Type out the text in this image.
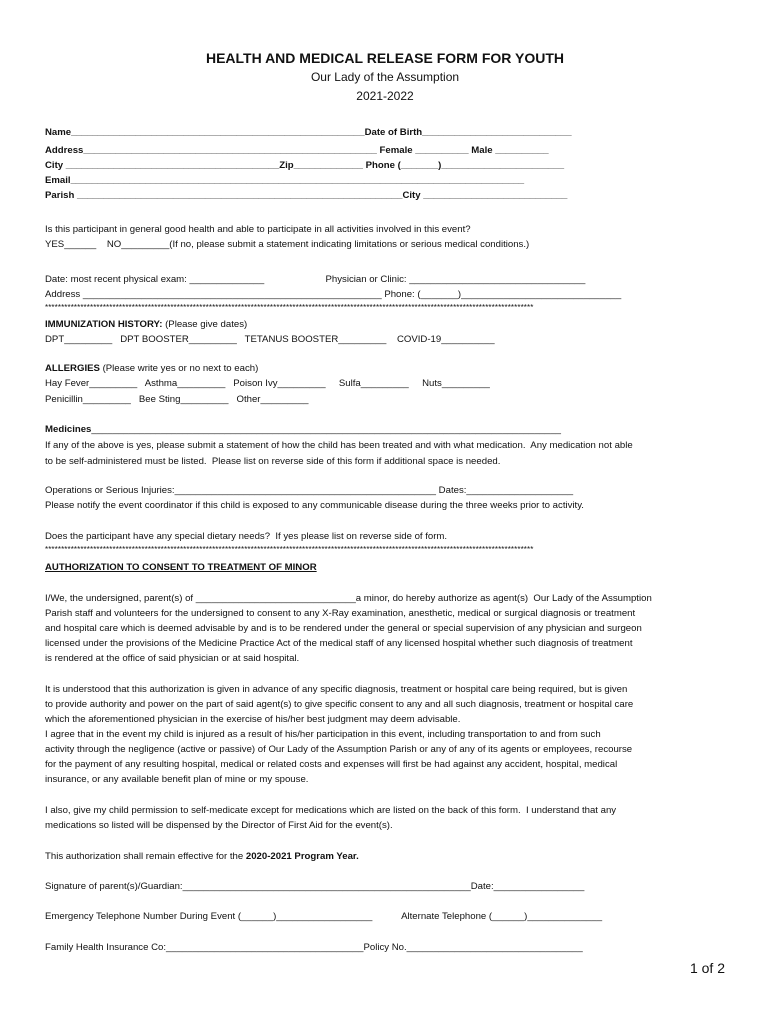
HEALTH AND MEDICAL RELEASE FORM FOR YOUTH
Our Lady of the Assumption
2021-2022
Name_______________________________________________________Date of Birth____________________________
Address_______________________________________________________ Female __________ Male __________
City ________________________________________Zip_____________ Phone (_______)_______________________
Email_____________________________________________________________________________________
Parish _____________________________________________________________City ___________________________
Is this participant in general good health and able to participate in all activities involved in this event?
YES______    NO_________(If no, please submit a statement indicating limitations or serious medical conditions.)
Date: most recent physical exam: ______________                       Physician or Clinic: _________________________________
Address ________________________________________________________ Phone: (_______)______________________________
********************************************************************************************************************************************************
IMMUNIZATION HISTORY: (Please give dates)
DPT_________   DPT BOOSTER_________   TETANUS BOOSTER_________    COVID-19__________
ALLERGIES (Please write yes or no next to each)
Hay Fever_________   Asthma_________   Poison Ivy_________     Sulfa_________     Nuts_________
Penicillin_________   Bee Sting_________   Other_________
Medicines________________________________________________________________________________________
If any of the above is yes, please submit a statement of how the child has been treated and with what medication.  Any medication not able
to be self-administered must be listed.  Please list on reverse side of this form if additional space is needed.
Operations or Serious Injuries:_________________________________________________ Dates:____________________
Please notify the event coordinator if this child is exposed to any communicable disease during the three weeks prior to activity.
Does the participant have any special dietary needs?  If yes please list on reverse side of form.
********************************************************************************************************************************************************
AUTHORIZATION TO CONSENT TO TREATMENT OF MINOR
I/We, the undersigned, parent(s) of ______________________________a minor, do hereby authorize as agent(s)  Our Lady of the Assumption
Parish staff and volunteers for the undersigned to consent to any X-Ray examination, anesthetic, medical or surgical diagnosis or treatment
and hospital care which is deemed advisable by and is to be rendered under the general or special supervision of any physician and surgeon
licensed under the provisions of the Medicine Practice Act of the medical staff of any licensed hospital whether such diagnosis of treatment
is rendered at the office of said physician or at said hospital.
It is understood that this authorization is given in advance of any specific diagnosis, treatment or hospital care being required, but is given
to provide authority and power on the part of said agent(s) to give specific consent to any and all such diagnosis, treatment or hospital care
which the aforementioned physician in the exercise of his/her best judgment may deem advisable.
I agree that in the event my child is injured as a result of his/her participation in this event, including transportation to and from such
activity through the negligence (active or passive) of Our Lady of the Assumption Parish or any of any of its agents or employees, recourse
for the payment of any resulting hospital, medical or related costs and expenses will first be had against any accident, hospital, medical
insurance, or any available benefit plan of mine or my spouse.
I also, give my child permission to self-medicate except for medications which are listed on the back of this form.  I understand that any
medications so listed will be dispensed by the Director of First Aid for the event(s).
This authorization shall remain effective for the 2020-2021 Program Year.
Signature of parent(s)/Guardian:______________________________________________________Date:_________________
Emergency Telephone Number During Event (______)__________________           Alternate Telephone (______)______________
Family Health Insurance Co:_____________________________________Policy No._________________________________
1 of 2
